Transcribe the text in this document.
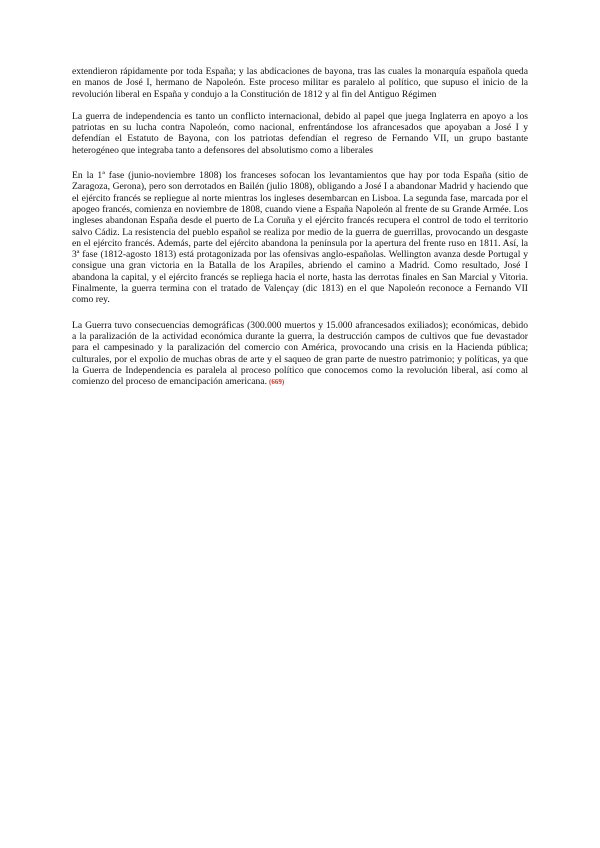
extendieron rápidamente por toda España; y las abdicaciones de bayona, tras las cuales la monarquía española queda en manos de José I, hermano de Napoleón. Este proceso militar es paralelo al político, que supuso el inicio de la revolución liberal en España y condujo a la Constitución de 1812 y al fin del Antiguo Régimen

La guerra de independencia es tanto un conflicto internacional, debido al papel que juega Inglaterra en apoyo a los patriotas en su lucha contra Napoleón, como nacional, enfrentándose los afrancesados que apoyaban a José I y defendían el Estatuto de Bayona, con los patriotas defendían el regreso de Fernando VII, un grupo bastante heterogéneo que integraba tanto a defensores del absolutismo como a liberales

En la 1ª fase (junio-noviembre 1808) los franceses sofocan los levantamientos que hay por toda España (sitio de Zaragoza, Gerona), pero son derrotados en Bailén (julio 1808), obligando a José I a abandonar Madrid y haciendo que el ejército francés se repliegue al norte mientras los ingleses desembarcan en Lisboa. La segunda fase, marcada por el apogeo francés, comienza en noviembre de 1808, cuando viene a España Napoleón al frente de su Grande Armée. Los ingleses abandonan España desde el puerto de La Coruña y el ejército francés recupera el control de todo el territorio salvo Cádiz. La resistencia del pueblo español se realiza por medio de la guerra de guerrillas, provocando un desgaste en el ejército francés. Además, parte del ejército abandona la península por la apertura del frente ruso en 1811. Así, la 3ª fase (1812-agosto 1813) está protagonizada por las ofensivas anglo-españolas. Wellington avanza desde Portugal y consigue una gran victoria en la Batalla de los Arapiles, abriendo el camino a Madrid. Como resultado, José I abandona la capital, y el ejército francés se repliega hacia el norte, hasta las derrotas finales en San Marcial y Vitoria. Finalmente, la guerra termina con el tratado de Valençay (dic 1813) en el que Napoleón reconoce a Fernando VII como rey.

La Guerra tuvo consecuencias demográficas (300.000 muertos y 15.000 afrancesados exiliados); económicas, debido a la paralización de la actividad económica durante la guerra, la destrucción campos de cultivos que fue devastador para el campesinado y la paralización del comercio con América, provocando una crisis en la Hacienda pública; culturales, por el expolio de muchas obras de arte y el saqueo de gran parte de nuestro patrimonio; y políticas, ya que la Guerra de Independencia es paralela al proceso político que conocemos como la revolución liberal, así como al comienzo del proceso de emancipación americana. (669)
